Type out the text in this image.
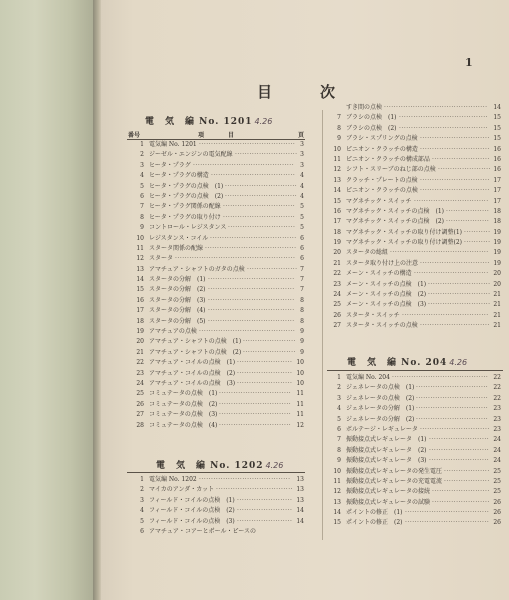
1
目次
電　気　編 No. 1201 4.26
番号	項　　　　目	頁
1 電気編 No. 1201 ········································ 3
2 ジーゼル・エンジンの電気配線 ·························· 3
3 ヒータ・プラグ ··········································	3
4 ヒータ・プラグの構造 ··································· 4
5 ヒータ・プラグの点検　(1) ······························ 4
6 ヒータ・プラグの点検　(2) ······························ 4
7 ヒータ・プラグ関係の配線 ······························ 5
8 ヒータ・プラグの取り付け ······························ 5
9 コントロール・レジスタンス ···························· 5
10 レジスタンス・コイル ···································· 6
11 スタータ関係の配線 ······································ 6
12 スタータ ·················································· 6
13 アマチュア・シャフトのガタの点検 ····················· 7
14 スタータの分解　(1) ···································· 7
15 スタータの分解　(2) ···································· 7
16 スタータの分解　(3) ···································· 8
17 スタータの分解　(4) ···································· 8
18 スタータの分解　(5) ···································· 8
19 アマチュアの点検 ········································ 9
20 アマチュア・シャフトの点検　(1) ······················ 9
21 アマチュア・シャフトの点検　(2) ······················ 9
22 アマチュア・コイルの点検　(1) ······················· 10
23 アマチュア・コイルの点検　(2) ······················· 10
24 アマチュア・コイルの点検　(3) ······················· 10
25 コミュテータの点検　(1) ······························ 11
26 コミュテータの点検　(2) ······························ 11
27 コミュテータの点検　(3) ······························ 11
28 コミュテータの点検　(4) ······························ 12
電　気　編 No. 1202 4.26
1 電気編 No. 1202 ······································ 13
2 マイカのアンダ・カット ································ 13
3 フィールド・コイルの点検　(1) ······················· 13
4 フィールド・コイルの点検　(2) ······················· 14
5 フィールド・コイルの点検　(3) ······················· 14
6 アマチュア・コアーとポール・ピースの
すき間の点検 ··········································· 14
7 ブラシの点検　(1) ····································· 15
8 ブラシの点検　(2) ····································· 15
9 ブラシ・スプリングの点検 ····························· 15
10 ピニオン・クラッチの構造 ····························· 16
11 ピニオン・クラッチの構成部品 ························ 16
12 シフト・スリーブのねじ部の点検 ······················ 16
13 クラッチ・プレートの点検 ····························· 17
14 ピニオン・クラッチの点検 ····························· 17
15 マグネチック・スイッチ ······························· 17
16 マグネチック・スイッチの点検　(1) ·················· 18
17 マグネチック・スイッチの点検　(2) ·················· 18
18 マグネチック・スイッチの取り付け調整(1) ··········· 19
19 マグネチック・スイッチの取り付け調整(2) ··········· 19
20 スタータの総組 ········································· 19
21 スタータ取り付け上の注意 ····························· 19
22 メーン・スイッチの構造 ······························· 20
23 メーン・スイッチの点検　(1) ·························· 20
24 メーン・スイッチの点検　(2) ·························· 21
25 メーン・スイッチの点検　(3) ·························· 21
26 スタータ・スイッチ ···································· 21
27 スタータ・スイッチの点検 ····························· 21
電　気　編 No. 204 4.26
1 電気編 No. 204 ········································ 22
2 ジェネレータの点検　(1) ······························ 22
3 ジェネレータの点検　(2) ······························ 22
4 ジェネレータの分解　(1) ······························ 23
5 ジェネレータの分解　(2) ······························ 23
6 ボルテージ・レギュレータ ····························· 23
7 振動接点式レギュレータ　(1) ························· 24
8 振動接点式レギュレータ　(2) ························· 24
9 振動接点式レギュレータ　(3) ························· 24
10 振動接点式レギュレータの発生電圧 ··················· 25
11 振動接点式レギュレータの充電電流 ··················· 25
12 振動接点式レギュレータの接続 ························ 25
13 振動接点式レギュレータの試験 ························ 26
14 ポイントの修正　(1) ··································· 26
15 ポイントの修正　(2) ··································· 26
